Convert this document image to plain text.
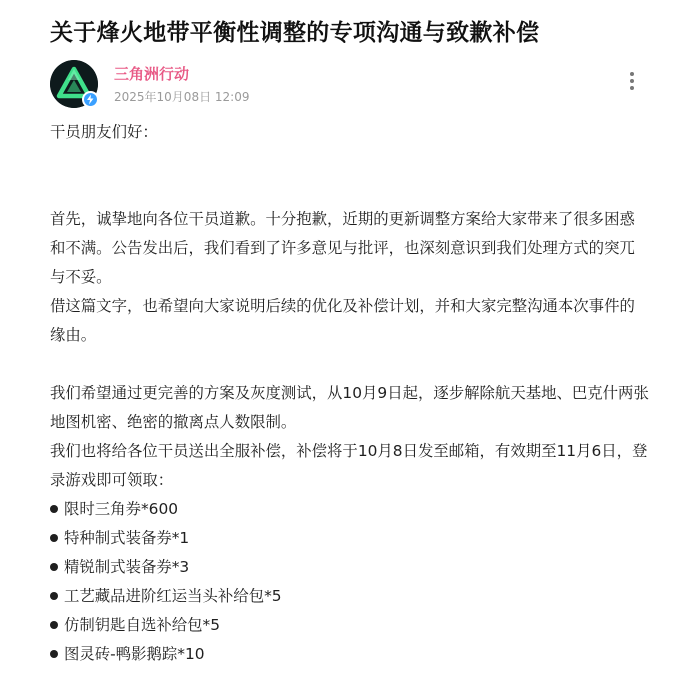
关于烽火地带平衡性调整的专项沟通与致歉补偿
三角洲行动
2025年10月08日 12:09

干员朋友们好：

首先，诚挚地向各位干员道歉。十分抱歉，近期的更新调整方案给大家带来了很多困惑和不满。公告发出后，我们看到了许多意见与批评，也深刻意识到我们处理方式的突兀与不妥。

借这篇文字，也希望向大家说明后续的优化及补偿计划，并和大家完整沟通本次事件的缘由。

我们希望通过更完善的方案及灰度测试，从10月9日起，逐步解除航天基地、巴克什两张地图机密、绝密的撤离点人数限制。

我们也将给各位干员送出全服补偿，补偿将于10月8日发至邮箱，有效期至11月6日，登录游戏即可领取：

限时三角券*600

特种制式装备券*1

精锐制式装备券*3

工艺藏品进阶红运当头补给包*5

仿制钥匙自选补给包*5

图灵砖-鸭影鹅踪*10
